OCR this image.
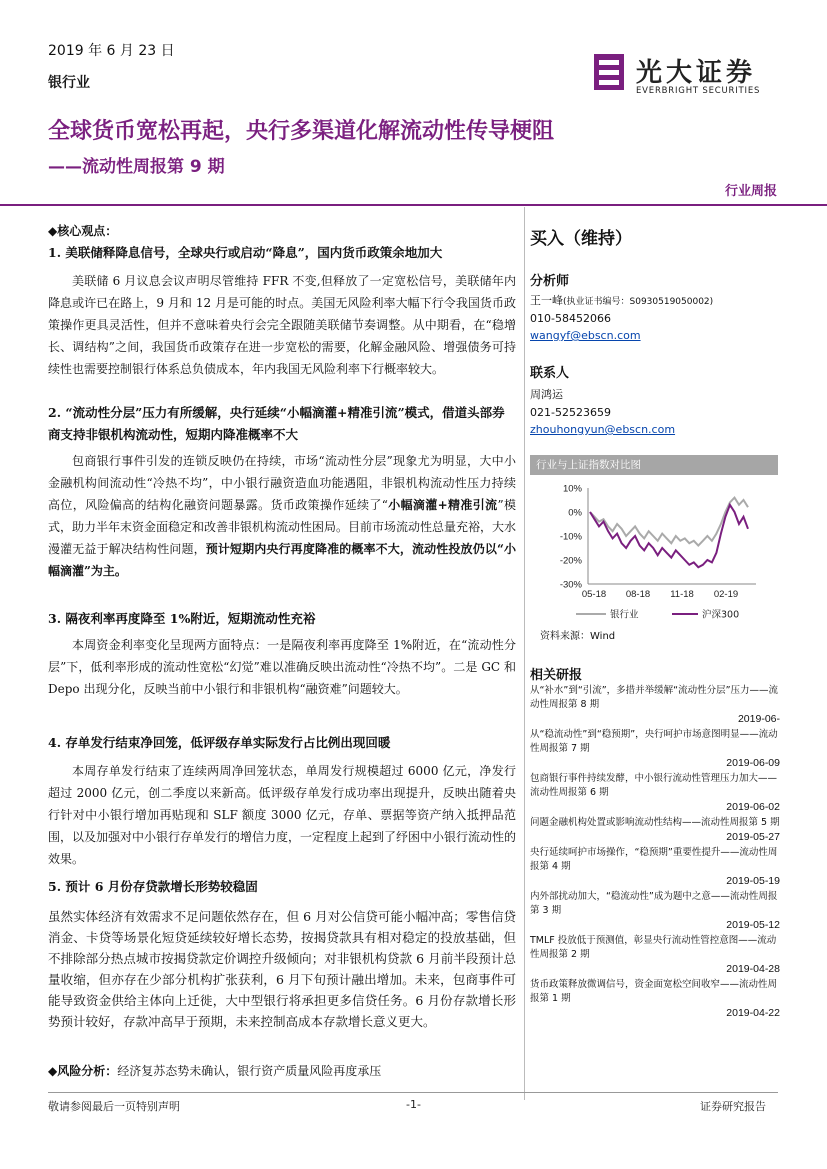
2019 年 6 月 23 日
银行业	光大证券
EVERBRIGHT SECURITIES
全球货币宽松再起，央行多渠道化解流动性传导梗阻
——流动性周报第 9 期
行业周报
◆核心观点：
1. 美联储释降息信号，全球央行或启动“降息”，国内货币政策余地加大
美联储 6 月议息会议声明尽管维持 FFR 不变,但释放了一定宽松信号，美联储年内降息或许已在路上，9 月和 12 月是可能的时点。美国无风险利率大幅下行令我国货币政策操作更具灵活性，但并不意味着央行会完全跟随美联储节奏调整。从中期看，在“稳增长、调结构”之间，我国货币政策存在进一步宽松的需要，化解金融风险、增强债务可持续性也需要控制银行体系总负债成本，年内我国无风险利率下行概率较大。
2. “流动性分层”压力有所缓解，央行延续“小幅滴灌+精准引流”模式，借道头部券商支持非银机构流动性，短期内降准概率不大
包商银行事件引发的连锁反映仍在持续，市场“流动性分层”现象尤为明显，大中小金融机构间流动性“冷热不均”，中小银行融资造血功能遇阻，非银机构流动性压力持续高位，风险偏高的结构化融资问题暴露。货币政策操作延续了“小幅滴灌+精准引流”模式，助力半年末资金面稳定和改善非银机构流动性困局。目前市场流动性总量充裕，大水漫灌无益于解决结构性问题，预计短期内央行再度降准的概率不大，流动性投放仍以“小幅滴灌”为主。
3. 隔夜利率再度降至 1%附近，短期流动性充裕
本周资金利率变化呈现两方面特点：一是隔夜利率再度降至 1%附近，在“流动性分层”下，低利率形成的流动性宽松“幻觉”难以准确反映出流动性“冷热不均”。二是 GC 和 Depo 出现分化，反映当前中小银行和非银机构“融资难”问题较大。
4. 存单发行结束净回笼，低评级存单实际发行占比例出现回暖
本周存单发行结束了连续两周净回笼状态，单周发行规模超过 6000 亿元，净发行超过 2000 亿元，创二季度以来新高。低评级存单发行成功率出现提升，反映出随着央行针对中小银行增加再贴现和 SLF 额度 3000 亿元，存单、票据等资产纳入抵押品范围，以及加强对中小银行存单发行的增信力度，一定程度上起到了纾困中小银行流动性的效果。
5. 预计 6 月份存贷款增长形势较稳固
虽然实体经济有效需求不足问题依然存在，但 6 月对公信贷可能小幅冲高；零售信贷消金、卡贷等场景化短贷延续较好增长态势，按揭贷款具有相对稳定的投放基础，但不排除部分热点城市按揭贷款定价调控升级倾向；对非银机构贷款 6 月前半段预计总量收缩，但亦存在少部分机构扩张获利，6 月下旬预计融出增加。未来，包商事件可能导致资金供给主体向上迁徙，大中型银行将承担更多信贷任务。6 月份存款增长形势预计较好，存款冲高早于预期，未来控制高成本存款增长意义更大。
◆风险分析：经济复苏态势未确认，银行资产质量风险再度承压
买入（维持）
分析师
王一峰(执业证书编号：S0930519050002)
010-58452066
wangyf@ebscn.com
联系人
周鸿运
021-52523659
zhouhongyun@ebscn.com
行业与上证指数对比图
10%
0%
-10%
-20%
-30%
05-18 08-18 11-18 02-19
银行业	沪深300
资料来源：Wind
相关研报
从“补水”到“引流”，多措并举缓解“流动性分层”压力——流动性周报第 8 期
2019-06-
从“稳流动性”到“稳预期”，央行呵护市场意图明显——流动性周报第 7 期
2019-06-09
包商银行事件持续发酵，中小银行流动性管理压力加大——流动性周报第 6 期
2019-06-02
问题金融机构处置或影响流动性结构——流动性周报第 5 期
2019-05-27
央行延续呵护市场操作，“稳预期”重要性提升——流动性周报第 4 期
2019-05-19
内外部扰动加大，“稳流动性”成为题中之意——流动性周报第 3 期
2019-05-12
TMLF 投放低于预测值，彰显央行流动性管控意图——流动性周报第 2 期
2019-04-28
货币政策释放微调信号，资金面宽松空间收窄——流动性周报第 1 期
2019-04-22
敬请参阅最后一页特别声明	-1-	证券研究报告
